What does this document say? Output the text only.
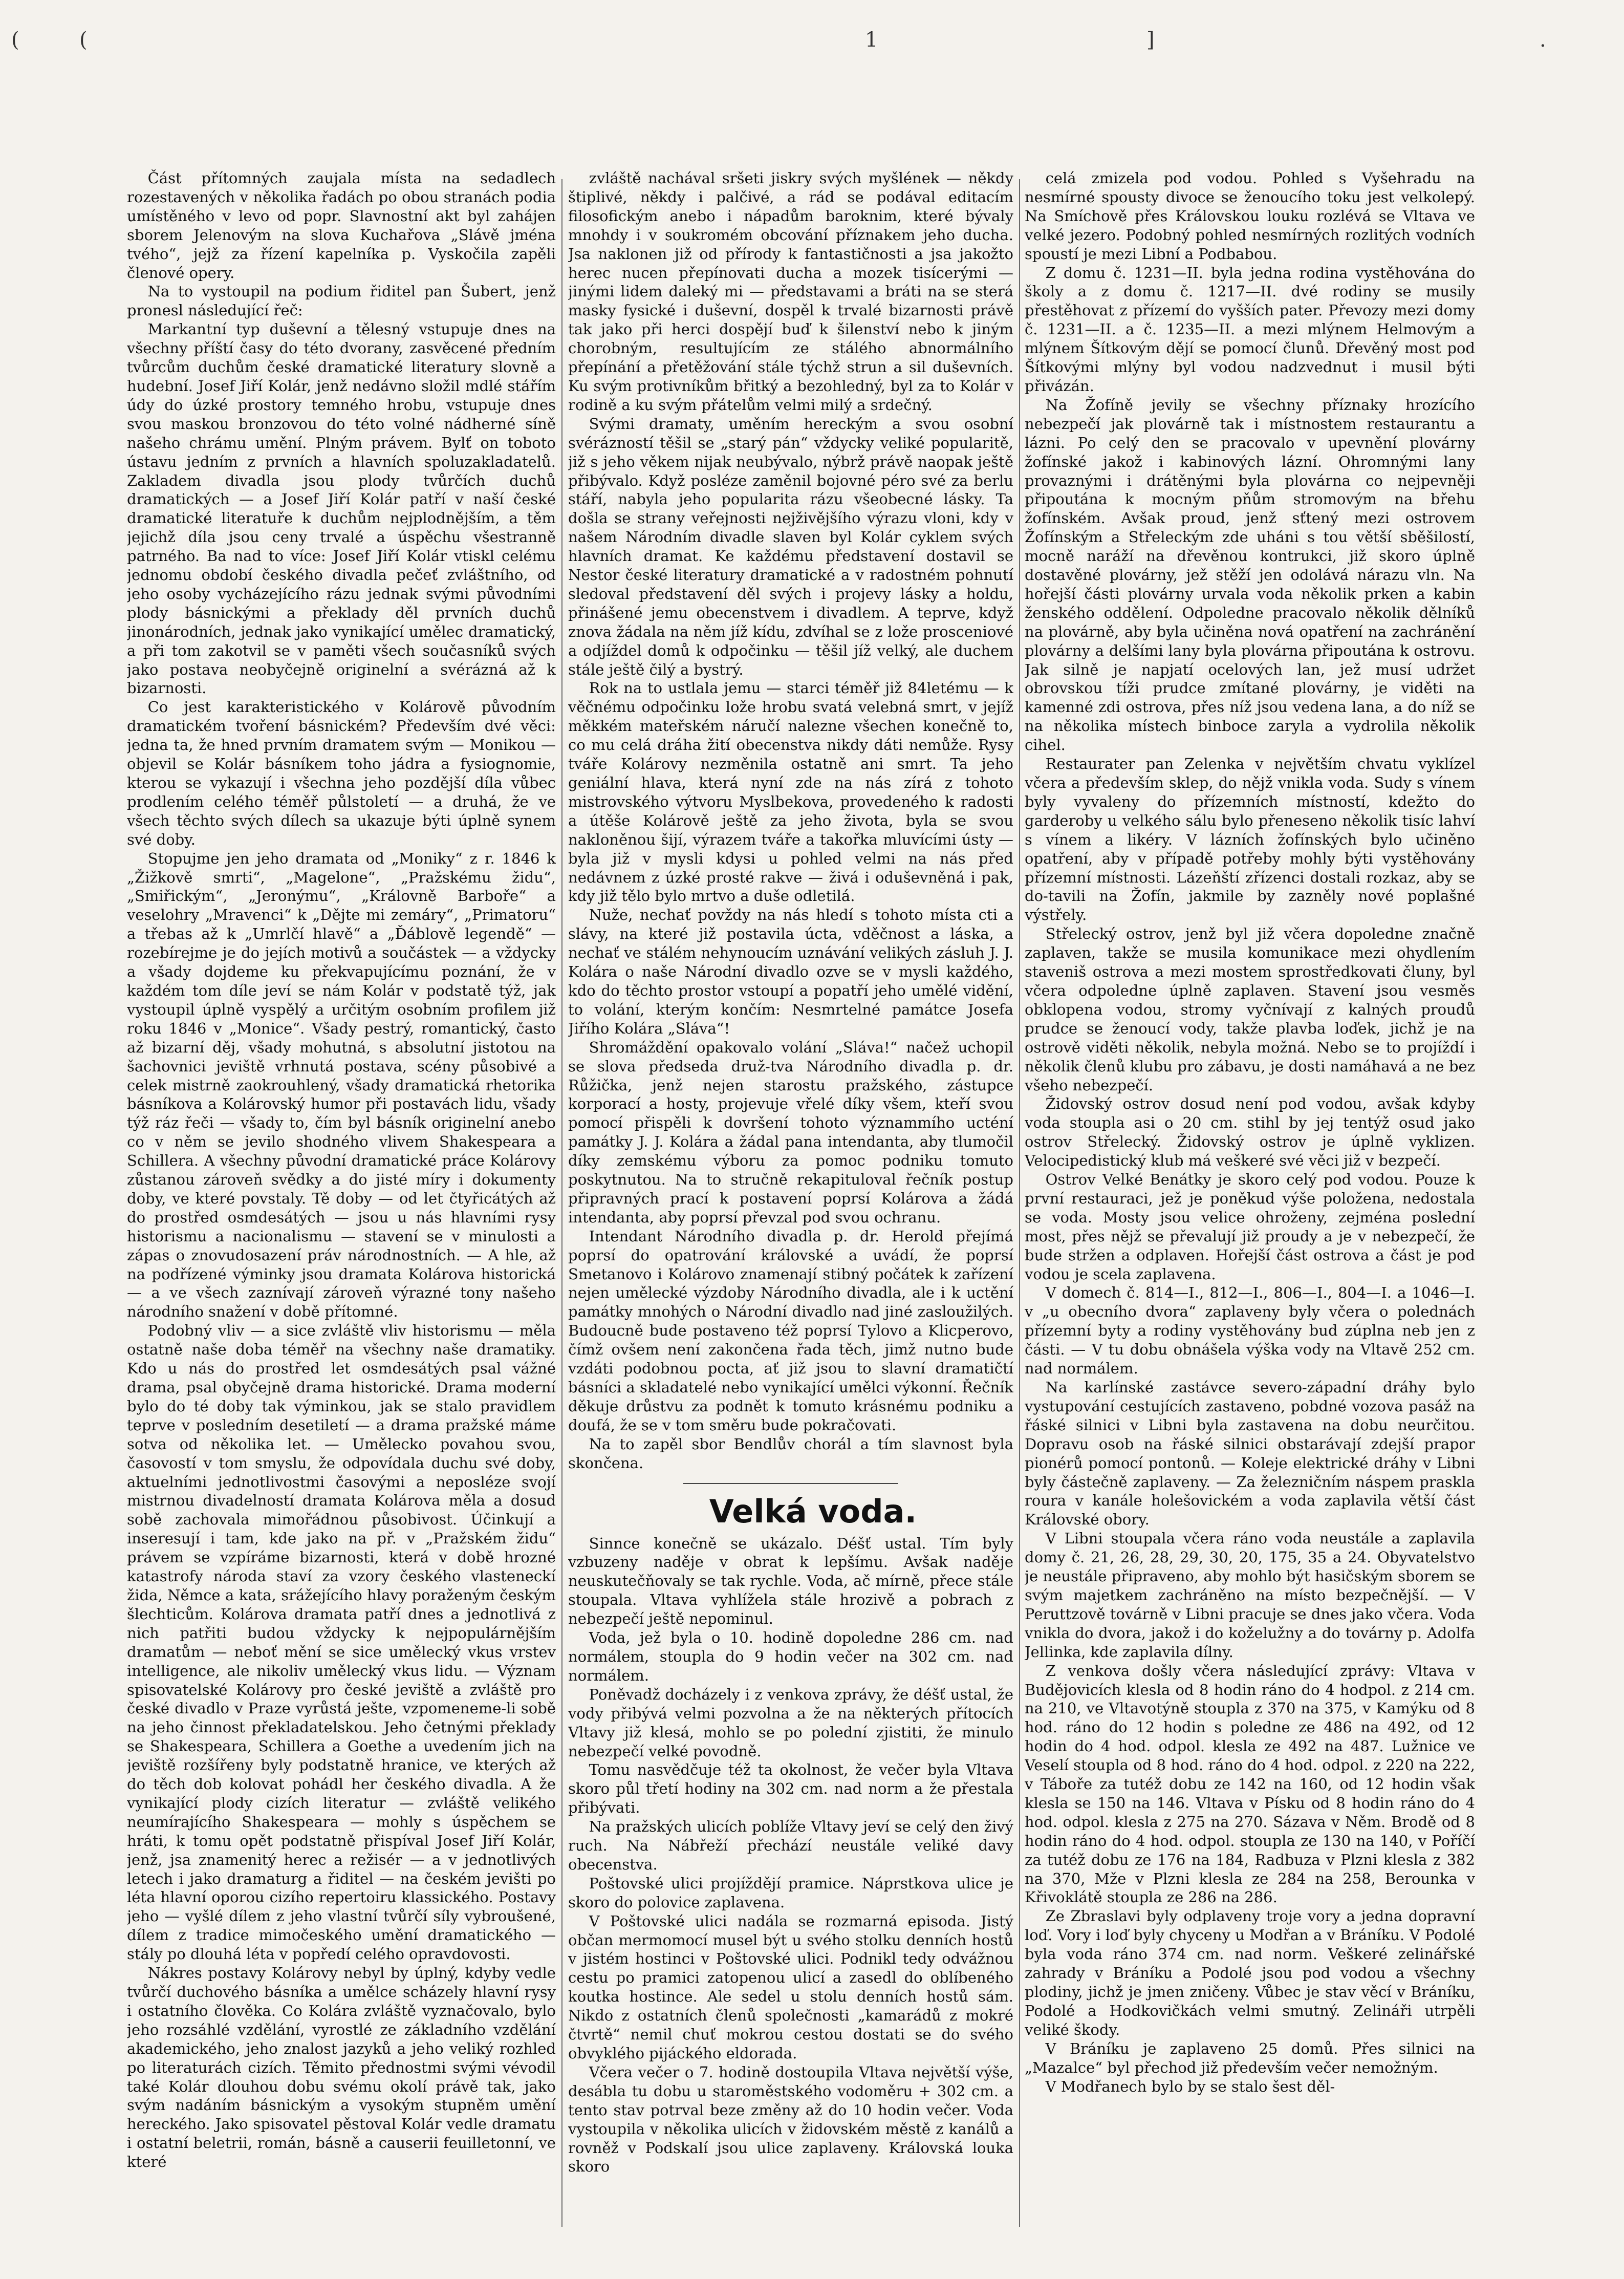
(	(	1	]	.

Část přítomných zaujala místa na sedadlech rozestavených v několika řadách po obou stranách podia umístěného v levo od popr. Slavnostní akt byl zahájen sborem Jelenovým na slova Kuchařova „Slávě jména tvého“, jejž za řízení kapelníka p. Vyskočila zapěli členové opery.

Na to vystoupil na podium řiditel pan Šubert, jenž pronesl následující řeč:

Markantní typ duševní a tělesný vstupuje dnes na všechny příští časy do této dvorany, zasvěcené předním tvůrcům duchům české dramatické literatury slovně a hudební. Josef Jiří Kolár, jenž nedávno složil mdlé stářím údy do úzké prostory temného hrobu, vstupuje dnes svou maskou bronzovou do této volné nádherné síně našeho chrámu umění. Plným právem. Bylť on toboto ústavu jedním z prvních a hlavních spoluzakladatelů. Zakladem divadla jsou plody tvůrčích duchů dramatických — a Josef Jiří Kolár patří v naší české dramatické literatuře k duchům nejplodnějším, a těm jejichž díla jsou ceny trvalé a úspěchu všestranně patrného. Ba nad to více: Josef Jiří Kolár vtiskl celému jednomu období českého divadla pečeť zvláštního, od jeho osoby vycházejícího rázu jednak svými původními plody básnickými a překlady děl prvních duchů jinonárodních, jednak jako vynikající umělec dramatický, a při tom zakotvil se v paměti všech současníků svých jako postava neobyčejně originelní a svérázná až k bizarnosti.

Co jest karakteristického v Kolárově původním dramatickém tvoření básnickém? Především dvé věci: jedna ta, že hned prvním dramatem svým — Monikou — objevil se Kolár básníkem toho jádra a fysiognomie, kterou se vykazují i všechna jeho pozdější díla vůbec prodlením celého téměř půlstoletí — a druhá, že ve všech těchto svých dílech sa ukazuje býti úplně synem své doby.

Stopujme jen jeho dramata od „Moniky“ z r. 1846 k „Žižkově smrti“, „Magelone“, „Pražskému židu“, „Smiřickým“, „Jeronýmu“, „Královně Barboře“ a veselohry „Mravenci“ k „Dějte mi zemáry“, „Primatoru“ a třebas až k „Umrlčí hlavě“ a „Ďáblově legendě“ — rozebírejme je do jejích motivů a součástek — a vždycky a všady dojdeme ku překvapujícímu poznání, že v každém tom díle jeví se nám Kolár v podstatě týž, jak vystoupil úplně vyspělý a určitým osobním profilem již roku 1846 v „Monice“. Všady pestrý, romantický, často až bizarní děj, všady mohutná, s absolutní jistotou na šachovnici jeviště vrhnutá postava, scény působivé a celek mistrně zaokrouhlený, všady dramatická rhetorika básníkova a Kolárovský humor při postavách lidu, všady týž ráz řeči — všady to, čím byl básník originelní anebo co v něm se jevilo shodného vlivem Shakespeara a Schillera. A všechny původní dramatické práce Kolárovy zůstanou zároveň svědky a do jisté míry i dokumenty doby, ve které povstaly. Tě doby — od let čtyřicátých až do prostřed osmdesátých — jsou u nás hlavními rysy historismu a nacionalismu — stavení se v minulosti a zápas o znovudosazení práv národnostních. — A hle, až na podřízené výminky jsou dramata Kolárova historická — a ve všech zaznívají zároveň výrazné tony našeho národního snažení v době přítomné.

Podobný vliv — a sice zvláště vliv historismu — měla ostatně naše doba téměř na všechny naše dramatiky. Kdo u nás do prostřed let osmdesátých psal vážné drama, psal obyčejně drama historické. Drama moderní bylo do té doby tak výminkou, jak se stalo pravidlem teprve v posledním desetiletí — a drama pražské máme sotva od několika let. — Umělecko povahou svou, časovostí v tom smyslu, že odpovídala duchu své doby, aktuelními jednotlivostmi časovými a neposléze svojí mistrnou divadelností dramata Kolárova měla a dosud sobě zachovala mimořádnou působivost. Účinkují a inseresují i tam, kde jako na př. v „Pražském židu“ právem se vzpíráme bizarnosti, která v době hrozné katastrofy národa staví za vzory českého vlasteneckí žida, Němce a kata, srážejícího hlavy poraženým českým šlechticům. Kolárova dramata patří dnes a jednotlivá z nich patřiti budou vždycky k nejpopulárnějším dramatům — neboť mění se sice umělecký vkus vrstev intelligence, ale nikoliv umělecký vkus lidu. — Význam spisovatelské Kolárovy pro české jeviště a zvláště pro české divadlo v Praze vyrůstá ješte, vzpomeneme-li sobě na jeho činnost překladatelskou. Jeho četnými překlady se Shakespeara, Schillera a Goethe a uvedením jich na jeviště rozšířeny byly podstatně hranice, ve kterých až do těch dob kolovat pohádl her českého divadla. A že vynikající plody cizích literatur — zvláště velikého neumírajícího Shakespeara — mohly s úspěchem se hráti, k tomu opět podstatně přispíval Josef Jiří Kolár, jenž, jsa znamenitý herec a režisér — a v jednotlivých letech i jako dramaturg a řiditel — na českém jevišti po léta hlavní oporou cizího repertoiru klassického. Postavy jeho — vyšlé dílem z jeho vlastní tvůrčí síly vybroušené, dílem z tradice mimočeského umění dramatického — stály po dlouhá léta v popředí celého opravdovosti.

Nákres postavy Kolárovy nebyl by úplný, kdyby vedle tvůrčí duchového básníka a umělce scházely hlavní rysy i ostatního člověka. Co Kolára zvláště vyznačovalo, bylo jeho rozsáhlé vzdělání, vyrostlé ze základního vzdělání akademického, jeho znalost jazyků a jeho veliký rozhled po literaturách cizích. Těmito přednostmi svými vévodil také Kolár dlouhou dobu svému okolí právě tak, jako svým nadáním básnickým a vysokým stupněm umění hereckého. Jako spisovatel pěstoval Kolár vedle dramatu i ostatní beletrii, román, básně a causerii feuilletonní, ve které

zvláště nachával sršeti jiskry svých myšlének — někdy štiplivé, někdy i palčivé, a rád se podával editacím filosofickým anebo i nápadům baroknim, které bývaly mnohdy i v soukromém obcování příznakem jeho ducha. Jsa naklonen již od přírody k fantastičnosti a jsa jakožto herec nucen přepínovati ducha a mozek tisícerými — jinými lidem daleký mi — představami a bráti na se sterá masky fysické i duševní, dospěl k trvalé bizarnosti právě tak jako při herci dospějí buď k šilenství nebo k jiným chorobným, resultujícím ze stálého abnormálního přepínání a přetěžování stále týchž strun a sil duševních. Ku svým protivníkům břitký a bezohledný, byl za to Kolár v rodině a ku svým přátelům velmi milý a srdečný.

Svými dramaty, uměním hereckým a svou osobní svérázností těšil se „starý pán“ vždycky veliké popularitě, již s jeho věkem nijak neubývalo, nýbrž právě naopak ještě přibývalo. Když posléze zaměnil bojovné péro své za berlu stáří, nabyla jeho popularita rázu všeobecné lásky. Ta došla se strany veřejnosti nejživějšího výrazu vloni, kdy v našem Národním divadle slaven byl Kolár cyklem svých hlavních dramat. Ke každému představení dostavil se Nestor české literatury dramatické a v radostném pohnutí sledoval představení děl svých i projevy lásky a holdu, přinášené jemu obecenstvem i divadlem. A teprve, když znova žádala na něm jíž kídu, zdvíhal se z lože prosceniové a odjíždel domů k odpočinku — těšil jíž velký, ale duchem stále ještě čilý a bystrý.

Rok na to ustlala jemu — starci téměř již 84letému — k věčnému odpočinku lože hrobu svatá velebná smrt, v jejíž měkkém mateřském náručí nalezne všechen konečně to, co mu celá dráha žití obecenstva nikdy dáti nemůže. Rysy tváře Kolárovy nezměnila ostatně ani smrt. Ta jeho geniální hlava, která nyní zde na nás zírá z tohoto mistrovského výtvoru Myslbekova, provedeného k radosti a útěše Kolárově ještě za jeho života, byla se svou nakloněnou šijí, výrazem tváře a takořka mluvícími ústy — byla již v mysli kdysi u pohled velmi na nás před nedávnem z úzké prosté rakve — živá i oduševněná i pak, kdy již tělo bylo mrtvo a duše odletilá.

Nuže, nechať povždy na nás hledí s tohoto místa cti a slávy, na které již postavila úcta, vděčnost a láska, a nechať ve stálém nehynoucím uznávání velikých zásluh J. J. Kolára o naše Národní divadlo ozve se v mysli každého, kdo do těchto prostor vstoupí a popatří jeho umělé vidění, to volání, kterým končím: Nesmrtelné památce Josefa Jiřího Kolára „Sláva“!

Shromáždění opakovalo volání „Sláva!“ načež uchopil se slova předseda druž-tva Národního divadla p. dr. Růžička, jenž nejen starostu pražského, zástupce korporací a hosty, projevuje vřelé díky všem, kteří svou pomocí přispěli k dovršení tohoto význammího ucténí památky J. J. Kolára a žádal pana intendanta, aby tlumočil díky zemskému výboru za pomoc podniku tomuto poskytnutou. Na to stručně rekapituloval řečník postup připravných prací k postavení poprsí Kolárova a žádá intendanta, aby poprsí převzal pod svou ochranu.

Intendant Národního divadla p. dr. Herold přejímá poprsí do opatrování královské a uvádí, že poprsí Smetanovo i Kolárovo znamenají stibný počátek k zařízení nejen umělecké výzdoby Národního divadla, ale i k uctění památky mnohých o Národní divadlo nad jiné zasloužilých. Budoucně bude postaveno též poprsí Tylovo a Klicperovo, čímž ovšem není zakončena řada těch, jimž nutno bude vzdáti podobnou pocta, ať již jsou to slavní dramatičtí básníci a skladatelé nebo vynikající umělci výkonní. Řečník děkuje drůstvu za podnět k tomuto krásnému podniku a doufá, že se v tom směru bude pokračovati.

Na to zapěl sbor Bendlův chorál a tím slavnost byla skončena.

Velká voda.

Sinnce konečně se ukázalo. Déšť ustal. Tím byly vzbuzeny naděje v obrat k lepšímu. Avšak naděje neuskutečňovaly se tak rychle. Voda, ač mírně, přece stále stoupala. Vltava vyhlížela stále hrozivě a pobrach z nebezpečí ještě nepominul.

Voda, jež byla o 10. hodině dopoledne 286 cm. nad normálem, stoupla do 9 hodin večer na 302 cm. nad normálem.

Poněvadž docházely i z venkova zprávy, že déšť ustal, že vody přibývá velmi pozvolna a že na některých přítocích Vltavy již klesá, mohlo se po polední zjistiti, že minulo nebezpečí velké povodně.

Tomu nasvědčuje též ta okolnost, že večer byla Vltava skoro půl třetí hodiny na 302 cm. nad norm a že přestala přibývati.

Na pražských ulicích poblíže Vltavy jeví se celý den živý ruch. Na Nábřeží přechází neustále veliké davy obecenstva.

Poštovské ulici projíždějí pramice. Náprstkova ulice je skoro do polovice zaplavena.

V Poštovské ulici nadála se rozmarná episoda. Jistý občan mermomocí musel být u svého stolku denních hostů v jistém hostinci v Poštovské ulici. Podnikl tedy odvážnou cestu po pramici zatopenou ulicí a zasedl do oblíbeného koutka hostince. Ale sedel u stolu denních hostů sám. Nikdo z ostatních členů společnosti „kamarádů z mokré čtvrtě“ nemil chuť mokrou cestou dostati se do svého obvyklého pijáckého eldorada.

Včera večer o 7. hodině dostoupila Vltava největší výše, desábla tu dobu u staroměstského vodoměru + 302 cm. a tento stav potrval beze změny až do 10 hodin večer. Voda vystoupila v několika ulicích v židovském městě z kanálů a rovněž v Podskalí jsou ulice zaplaveny. Královská louka skoro

celá zmizela pod vodou. Pohled s Vyšehradu na nesmírné spousty divoce se ženoucího toku jest velkolepý. Na Smíchově přes Královskou louku rozlévá se Vltava ve velké jezero. Podobný pohled nesmírných rozlitých vodních spoustí je mezi Libní a Podbabou.

Z domu č. 1231—II. byla jedna rodina vystěhována do školy a z domu č. 1217—II. dvé rodiny se musily přestěhovat z přízemí do vyšších pater. Převozy mezi domy č. 1231—II. a č. 1235—II. a mezi mlýnem Helmovým a mlýnem Šítkovým dějí se pomocí člunů. Dřevěný most pod Šítkovými mlýny byl vodou nadzvednut i musil býti přivázán.

Na Žofíně jevily se všechny příznaky hrozícího nebezpečí jak plovárně tak i místnostem restaurantu a lázni. Po celý den se pracovalo v upevnění plovárny žofínské jakož i kabinových lázní. Ohromnými lany provaznými i drátěnými byla plovárna co nejpevněji připoutána k mocným pňům stromovým na břehu žofínském. Avšak proud, jenž sťtený mezi ostrovem Žofínským a Střeleckým zde uháni s tou větší sběšilostí, mocně naráží na dřevěnou kontrukci, již skoro úplně dostavěné plovárny, jež stěží jen odolává nárazu vln. Na hořejší části plovárny urvala voda několik prken a kabin ženského oddělení. Odpoledne pracovalo několik dělníků na plovárně, aby byla učiněna nová opatření na zachránění plovárny a delšími lany byla plovárna připoutána k ostrovu. Jak silně je napjatí ocelových lan, jež musí udržet obrovskou tíži prudce zmítané plovárny, je viděti na kamenné zdi ostrova, přes níž jsou vedena lana, a do níž se na několika místech binboce zaryla a vydrolila několik cihel.

Restaurater pan Zelenka v největším chvatu vyklízel včera a především sklep, do nějž vnikla voda. Sudy s vínem byly vyvaleny do přízemních místností, kdežto do garderoby u velkého sálu bylo přeneseno několik tisíc lahví s vínem a likéry. V lázních žofínských bylo učiněno opatření, aby v případě potřeby mohly býti vystěhovány přízemní místnosti. Lázeňští zřízenci dostali rozkaz, aby se do-tavili na Žofín, jakmile by zazněly nové poplašné výstřely.

Střelecký ostrov, jenž byl již včera dopoledne značně zaplaven, takže se musila komunikace mezi ohydlením staveniš ostrova a mezi mostem sprostředkovati čluny, byl včera odpoledne úplně zaplaven. Stavení jsou vesměs obklopena vodou, stromy vyčnívají z kalných proudů prudce se ženoucí vody, takže plavba loďek, jichž je na ostrově viděti několik, nebyla možná. Nebo se to projíždí i několik členů klubu pro zábavu, je dosti namáhavá a ne bez všeho nebezpečí.

Židovský ostrov dosud není pod vodou, avšak kdyby voda stoupla asi o 20 cm. stihl by jej tentýž osud jako ostrov Střelecký. Židovský ostrov je úplně vyklizen. Velocipedistický klub má veškeré své věci již v bezpečí.

Ostrov Velké Benátky je skoro celý pod vodou. Pouze k první restauraci, jež je poněkud výše položena, nedostala se voda. Mosty jsou velice ohroženy, zejména poslední most, přes nějž se převalují již proudy a je v nebezpečí, že bude stržen a odplaven. Hořejší část ostrova a část je pod vodou je scela zaplavena.

V domech č. 814—I., 812—I., 806—I., 804—I. a 1046—I. v „u obecního dvora“ zaplaveny byly včera o polednách přízemní byty a rodiny vystěhovány bud zúplna neb jen z části. — V tu dobu obnášela výška vody na Vltavě 252 cm. nad normálem.

Na karlínské zastávce severo-západní dráhy bylo vystupování cestujících zastaveno, pobdné vozova pasáž na řáské silnici v Libni byla zastavena na dobu neurčitou. Dopravu osob na řáské silnici obstarávají zdejší prapor pionérů pomocí pontonů. — Koleje elektrické dráhy v Libni byly částečně zaplaveny. — Za železničním náspem praskla roura v kanále holešovickém a voda zaplavila větší část Královské obory.

V Libni stoupala včera ráno voda neustále a zaplavila domy č. 21, 26, 28, 29, 30, 20, 175, 35 a 24. Obyvatelstvo je neustále připraveno, aby mohlo být hasičským sborem se svým majetkem zachráněno na místo bezpečnější. — V Peruttzově továrně v Libni pracuje se dnes jako včera. Voda vnikla do dvora, jakož i do koželužny a do továrny p. Adolfa Jellinka, kde zaplavila dílny.

Z venkova došly včera následující zprávy: Vltava v Budějovicích klesla od 8 hodin ráno do 4 hodpol. z 214 cm. na 210, ve Vltavotýně stoupla z 370 na 375, v Kamýku od 8 hod. ráno do 12 hodin s poledne ze 486 na 492, od 12 hodin do 4 hod. odpol. klesla ze 492 na 487. Lužnice ve Veselí stoupla od 8 hod. ráno do 4 hod. odpol. z 220 na 222, v Táboře za tutéž dobu ze 142 na 160, od 12 hodin však klesla se 150 na 146. Vltava v Písku od 8 hodin ráno do 4 hod. odpol. klesla z 275 na 270. Sázava v Něm. Brodě od 8 hodin ráno do 4 hod. odpol. stoupla ze 130 na 140, v Poříčí za tutéž dobu ze 176 na 184, Radbuza v Plzni klesla z 382 na 370, Mže v Plzni klesla ze 284 na 258, Berounka v Křivoklátě stoupla ze 286 na 286.

Ze Zbraslavi byly odplaveny troje vory a jedna dopravní loď. Vory i loď byly chyceny u Modřan a v Bráníku. V Podolé byla voda ráno 374 cm. nad norm. Veškeré zelinářské zahrady v Bráníku a Podolé jsou pod vodou a všechny plodiny, jichž je jmen zničeny. Vůbec je stav věcí v Bráníku, Podolé a Hodkovičkách velmi smutný. Zelináři utrpěli veliké škody.

V Bráníku je zaplaveno 25 domů. Přes silnici na „Mazalce“ byl přechod již především večer nemožným.

V Modřanech bylo by se stalo šest děl-
